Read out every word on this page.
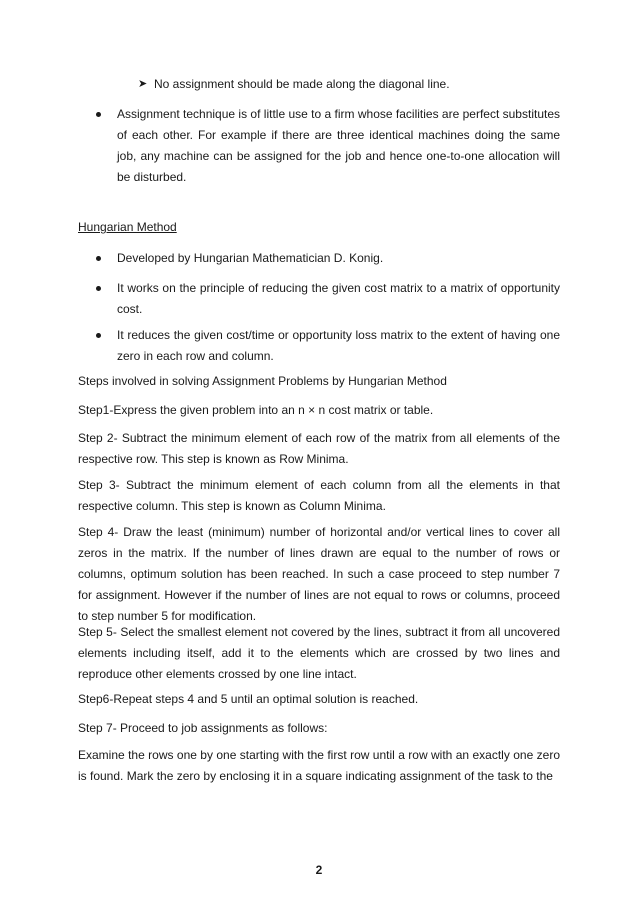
➤ No assignment should be made along the diagonal line.

Assignment technique is of little use to a firm whose facilities are perfect substitutes of each other. For example if there are three identical machines doing the same job, any machine can be assigned for the job and hence one-to-one allocation will be disturbed.

Hungarian Method

Developed by Hungarian Mathematician D. Konig.

It works on the principle of reducing the given cost matrix to a matrix of opportunity cost.

It reduces the given cost/time or opportunity loss matrix to the extent of having one zero in each row and column.

Steps involved in solving Assignment Problems by Hungarian Method

Step1-Express the given problem into an n × n cost matrix or table.

Step 2- Subtract the minimum element of each row of the matrix from all elements of the respective row. This step is known as Row Minima.

Step 3- Subtract the minimum element of each column from all the elements in that respective column. This step is known as Column Minima.

Step 4- Draw the least (minimum) number of horizontal and/or vertical lines to cover all zeros in the matrix. If the number of lines drawn are equal to the number of rows or columns, optimum solution has been reached. In such a case proceed to step number 7 for assignment. However if the number of lines are not equal to rows or columns, proceed to step number 5 for modification.

Step 5- Select the smallest element not covered by the lines, subtract it from all uncovered elements including itself, add it to the elements which are crossed by two lines and reproduce other elements crossed by one line intact.

Step6-Repeat steps 4 and 5 until an optimal solution is reached.

Step 7- Proceed to job assignments as follows:

Examine the rows one by one starting with the first row until a row with an exactly one zero is found. Mark the zero by enclosing it in a square indicating assignment of the task to the

2
